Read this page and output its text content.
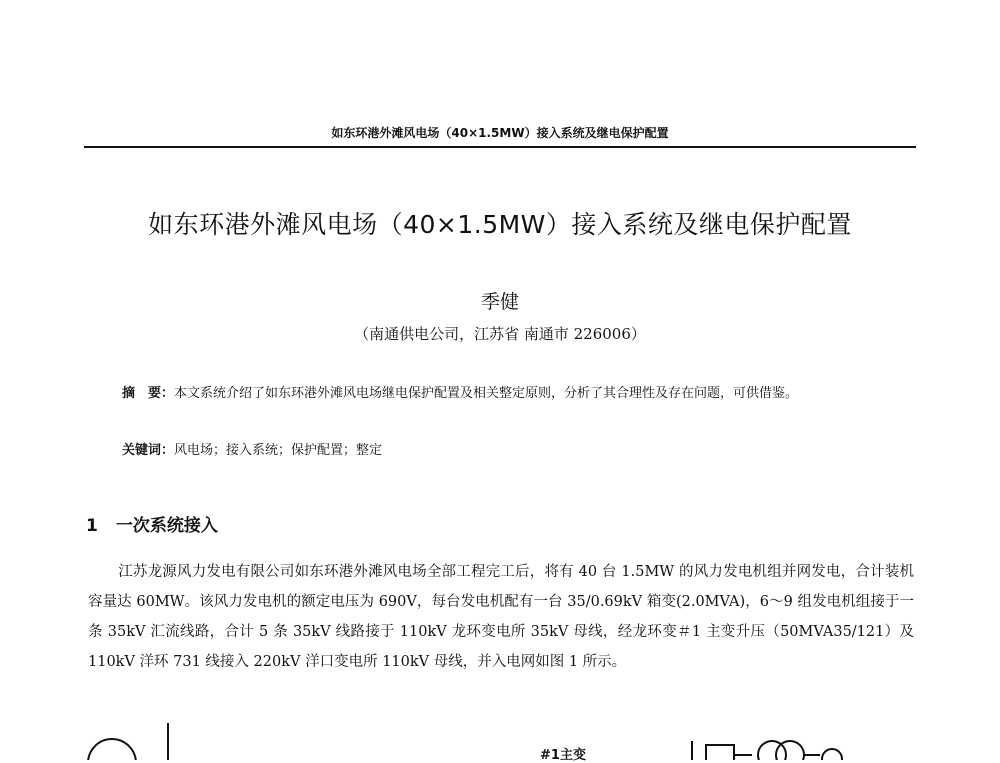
如东环港外滩风电场（40×1.5MW）接入系统及继电保护配置
如东环港外滩风电场（40×1.5MW）接入系统及继电保护配置
季健
（南通供电公司，江苏省 南通市 226006）
摘　要：本文系统介绍了如东环港外滩风电场继电保护配置及相关整定原则，分析了其合理性及存在问题，可供借鉴。
关键词：风电场；接入系统；保护配置；整定
1 一次系统接入
江苏龙源风力发电有限公司如东环港外滩风电场全部工程完工后，将有 40 台 1.5MW 的风力发电机组并网发电，合计装机容量达 60MW。该风力发电机的额定电压为 690V，每台发电机配有一台 35/0.69kV 箱变(2.0MVA)，6～9 组发电机组接于一条 35kV 汇流线路，合计 5 条 35kV 线路接于 110kV 龙环变电所 35kV 母线，经龙环变＃1 主变升压（50MVA35/121）及 110kV 洋环 731 线接入 220kV 洋口变电所 110kV 母线，并入电网如图 1 所示。
#1主变
